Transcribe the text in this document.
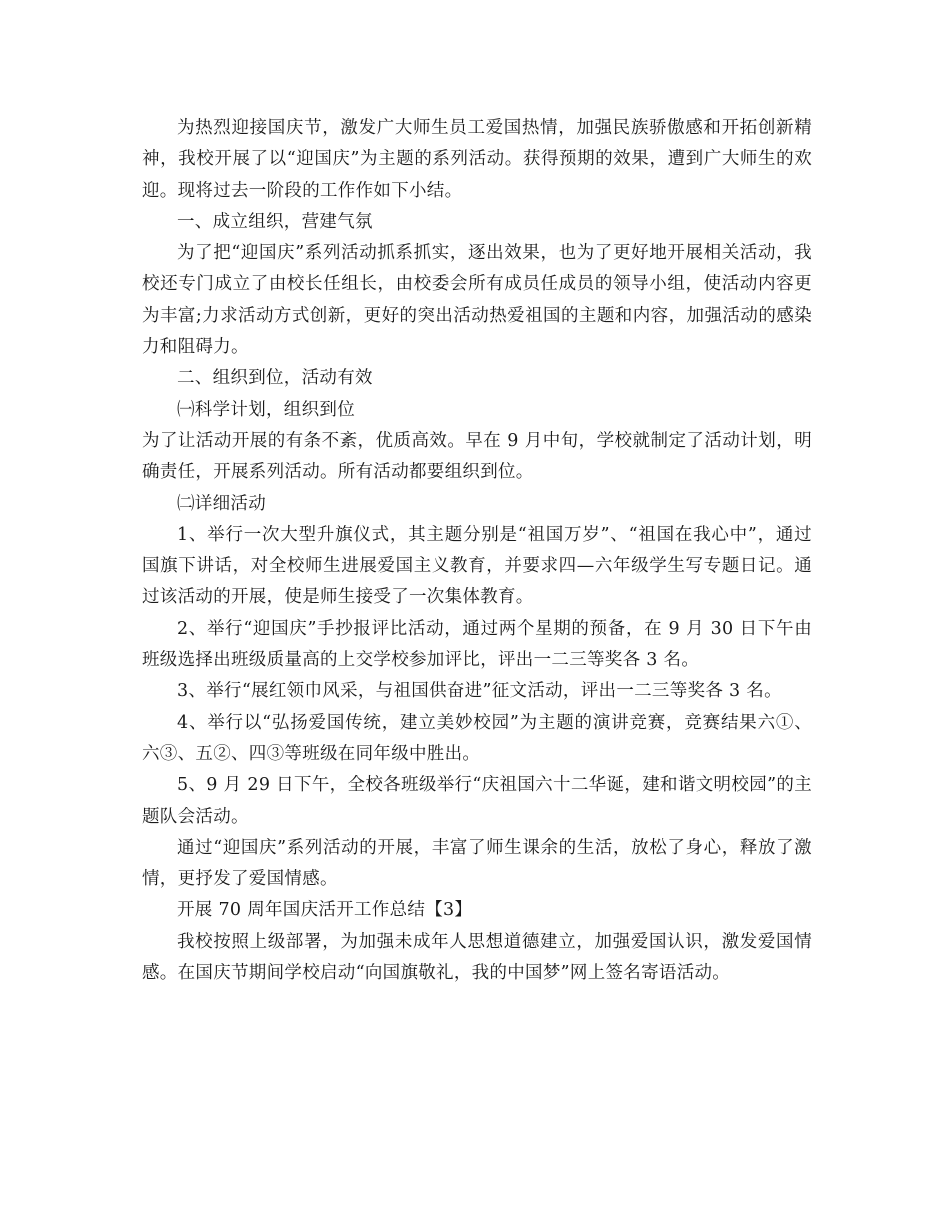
为热烈迎接国庆节，激发广大师生员工爱国热情，加强民族骄傲感和开拓创新精神，我校开展了以“迎国庆”为主题的系列活动。获得预期的效果，遭到广大师生的欢迎。现将过去一阶段的工作作如下小结。

一、成立组织，营建气氛

为了把“迎国庆”系列活动抓系抓实，逐出效果，也为了更好地开展相关活动，我校还专门成立了由校长任组长，由校委会所有成员任成员的领导小组，使活动内容更为丰富;力求活动方式创新，更好的突出活动热爱祖国的主题和内容，加强活动的感染力和阻碍力。

二、组织到位，活动有效

㈠科学计划，组织到位

为了让活动开展的有条不紊，优质高效。早在 9 月中旬，学校就制定了活动计划，明确责任，开展系列活动。所有活动都要组织到位。

㈡详细活动

1、举行一次大型升旗仪式，其主题分别是“祖国万岁”、“祖国在我心中”，通过国旗下讲话，对全校师生进展爱国主义教育，并要求四—六年级学生写专题日记。通过该活动的开展，使是师生接受了一次集体教育。

2、举行“迎国庆”手抄报评比活动，通过两个星期的预备，在 9 月 30 日下午由班级选择出班级质量高的上交学校参加评比，评出一二三等奖各 3 名。

3、举行“展红领巾风采，与祖国供奋进”征文活动，评出一二三等奖各 3 名。

4、举行以“弘扬爱国传统，建立美妙校园”为主题的演讲竞赛，竞赛结果六①、六③、五②、四③等班级在同年级中胜出。

5、9 月 29 日下午，全校各班级举行“庆祖国六十二华诞，建和谐文明校园”的主题队会活动。

通过“迎国庆”系列活动的开展，丰富了师生课余的生活，放松了身心，释放了激情，更抒发了爱国情感。

开展 70 周年国庆活开工作总结【3】

我校按照上级部署，为加强未成年人思想道德建立，加强爱国认识，激发爱国情感。在国庆节期间学校启动“向国旗敬礼，我的中国梦”网上签名寄语活动。
